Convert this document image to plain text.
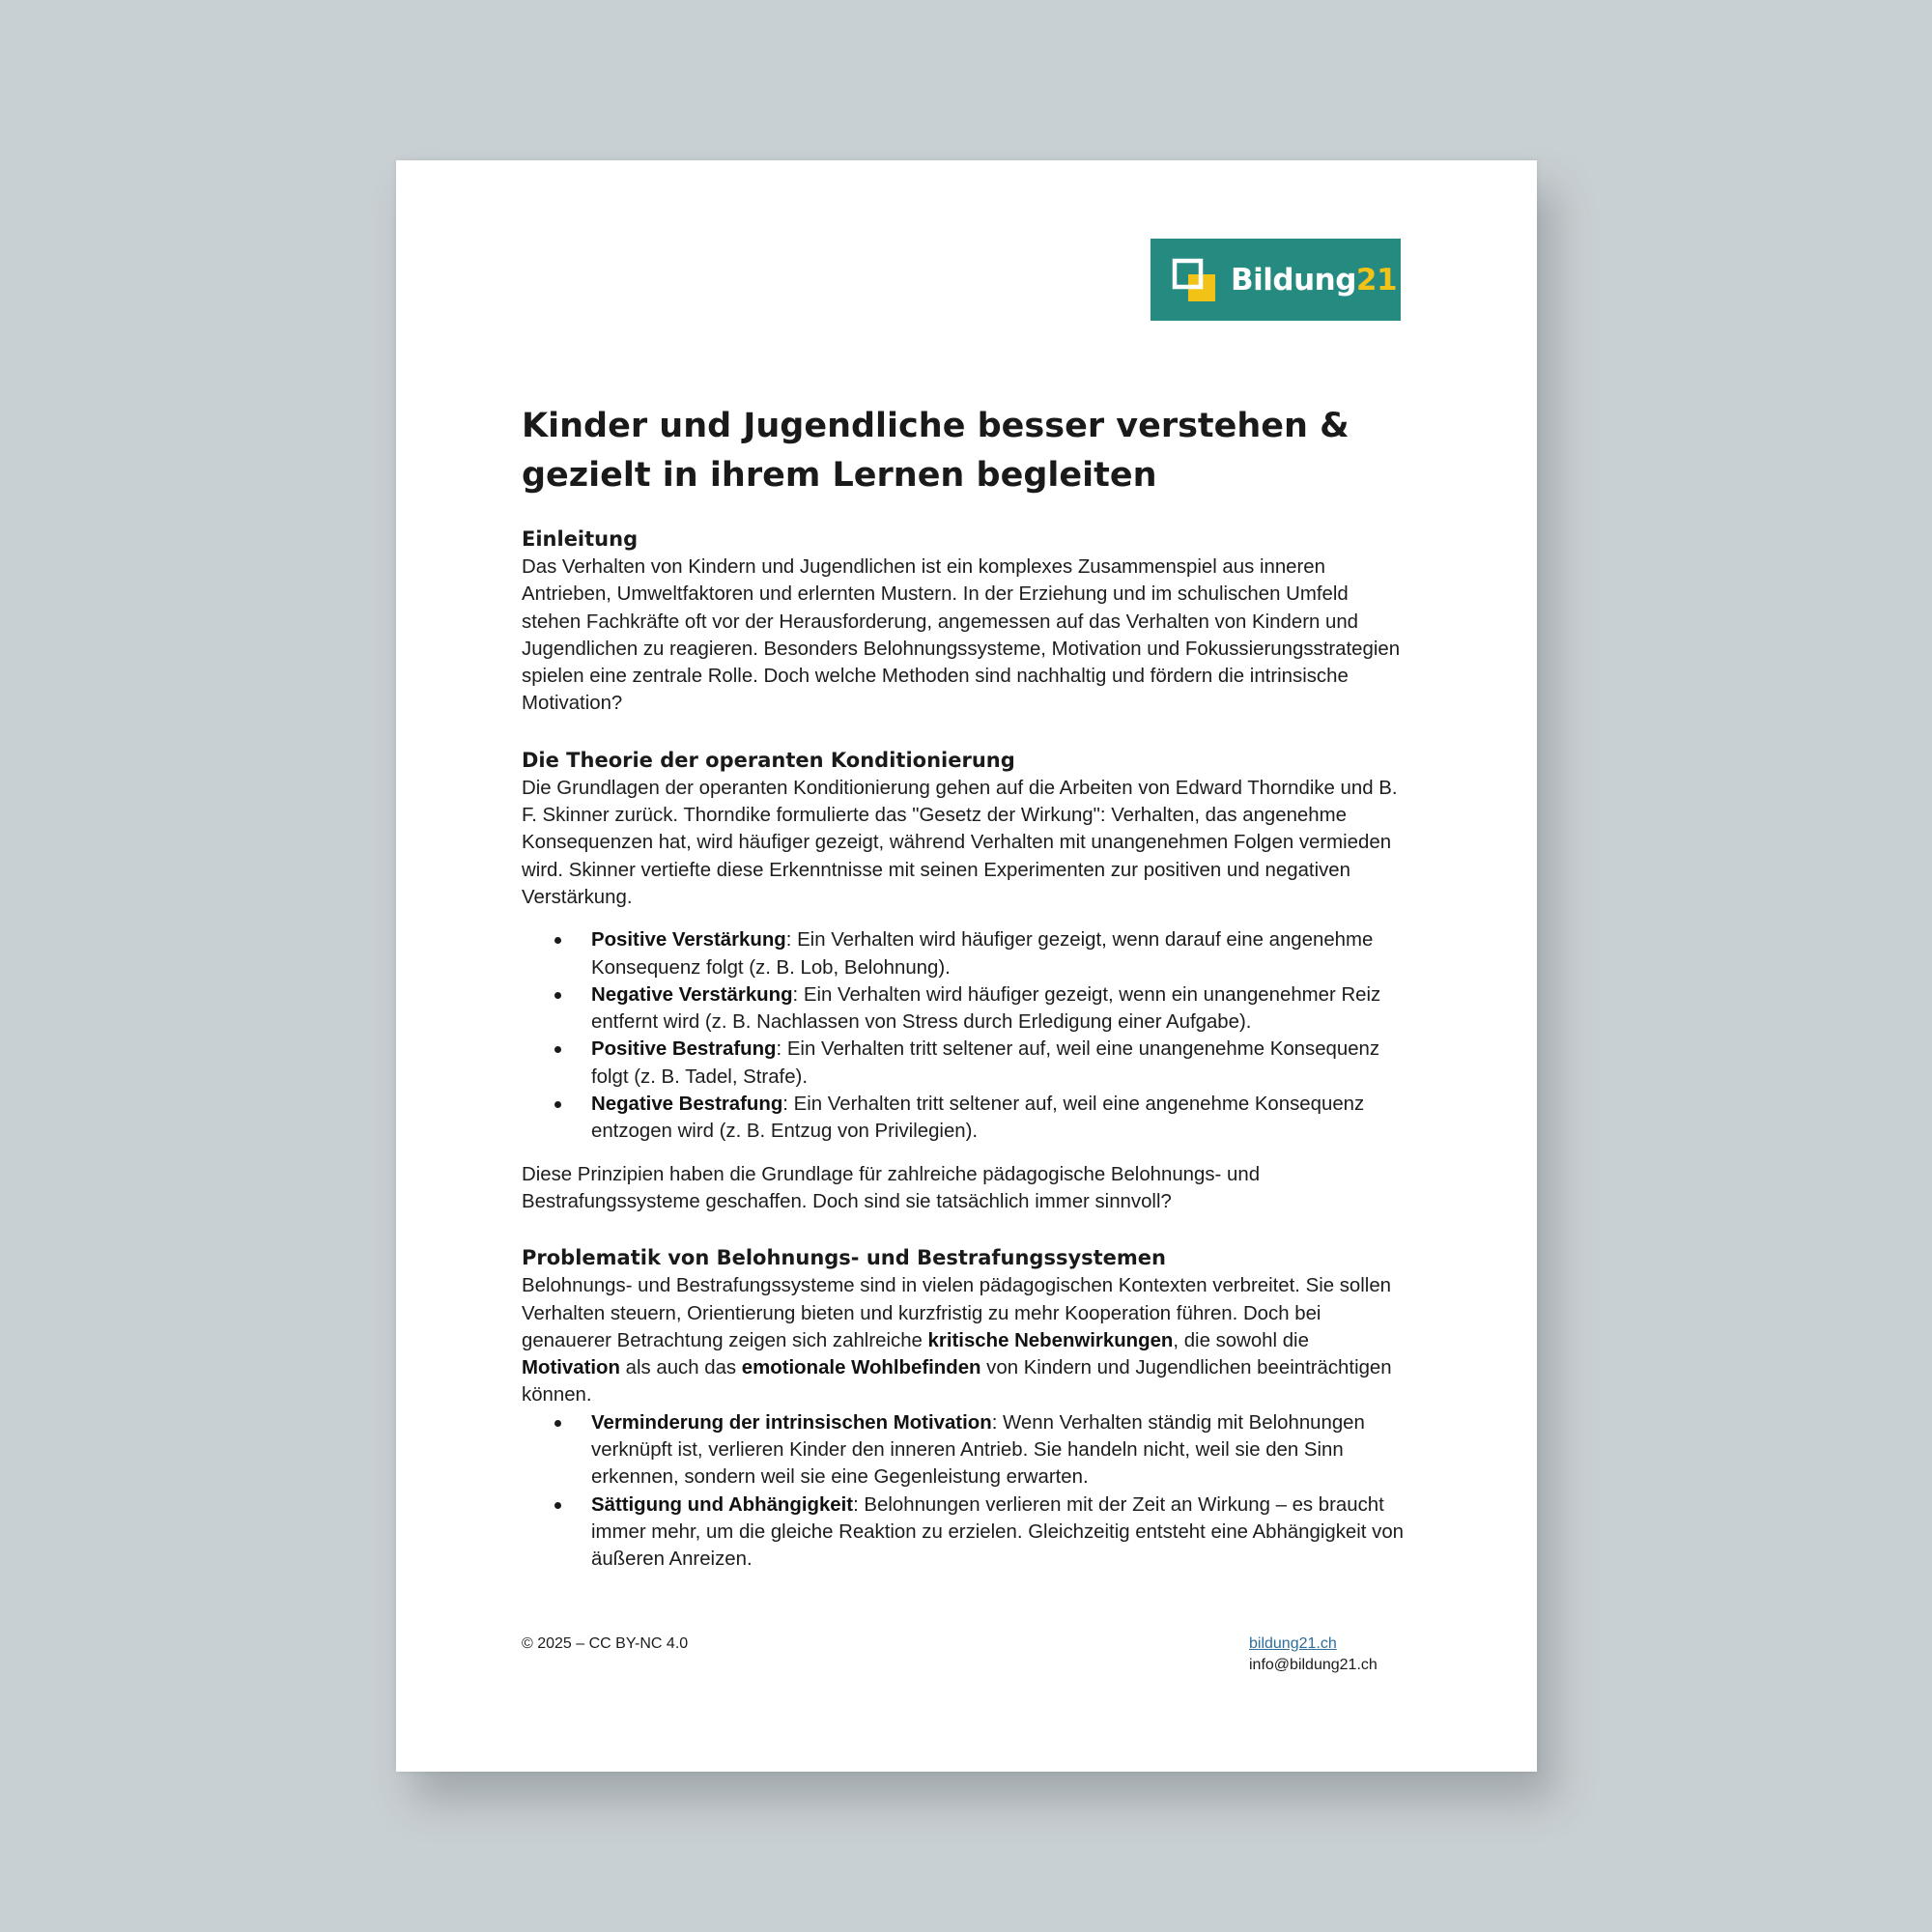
Bildung21
Kinder und Jugendliche besser verstehen & gezielt in ihrem Lernen begleiten
Einleitung

Das Verhalten von Kindern und Jugendlichen ist ein komplexes Zusammenspiel aus inneren Antrieben, Umweltfaktoren und erlernten Mustern. In der Erziehung und im schulischen Umfeld stehen Fachkräfte oft vor der Herausforderung, angemessen auf das Verhalten von Kindern und Jugendlichen zu reagieren. Besonders Belohnungssysteme, Motivation und Fokussierungsstrategien spielen eine zentrale Rolle. Doch welche Methoden sind nachhaltig und fördern die intrinsische Motivation?

Die Theorie der operanten Konditionierung

Die Grundlagen der operanten Konditionierung gehen auf die Arbeiten von Edward Thorndike und B. F. Skinner zurück. Thorndike formulierte das "Gesetz der Wirkung": Verhalten, das angenehme Konsequenzen hat, wird häufiger gezeigt, während Verhalten mit unangenehmen Folgen vermieden wird. Skinner vertiefte diese Erkenntnisse mit seinen Experimenten zur positiven und negativen Verstärkung.

Positive Verstärkung: Ein Verhalten wird häufiger gezeigt, wenn darauf eine angenehme Konsequenz folgt (z. B. Lob, Belohnung).
Negative Verstärkung: Ein Verhalten wird häufiger gezeigt, wenn ein unangenehmer Reiz entfernt wird (z. B. Nachlassen von Stress durch Erledigung einer Aufgabe).
Positive Bestrafung: Ein Verhalten tritt seltener auf, weil eine unangenehme Konsequenz folgt (z. B. Tadel, Strafe).
Negative Bestrafung: Ein Verhalten tritt seltener auf, weil eine angenehme Konsequenz entzogen wird (z. B. Entzug von Privilegien).

Diese Prinzipien haben die Grundlage für zahlreiche pädagogische Belohnungs- und Bestrafungssysteme geschaffen. Doch sind sie tatsächlich immer sinnvoll?

Problematik von Belohnungs- und Bestrafungssystemen

Belohnungs- und Bestrafungssysteme sind in vielen pädagogischen Kontexten verbreitet. Sie sollen Verhalten steuern, Orientierung bieten und kurzfristig zu mehr Kooperation führen. Doch bei genauerer Betrachtung zeigen sich zahlreiche kritische Nebenwirkungen, die sowohl die Motivation als auch das emotionale Wohlbefinden von Kindern und Jugendlichen beeinträchtigen können.

Verminderung der intrinsischen Motivation: Wenn Verhalten ständig mit Belohnungen verknüpft ist, verlieren Kinder den inneren Antrieb. Sie handeln nicht, weil sie den Sinn erkennen, sondern weil sie eine Gegenleistung erwarten.
Sättigung und Abhängigkeit: Belohnungen verlieren mit der Zeit an Wirkung – es braucht immer mehr, um die gleiche Reaktion zu erzielen. Gleichzeitig entsteht eine Abhängigkeit von äußeren Anreizen.
© 2025 – CC BY-NC 4.0	bildung21.ch
info@bildung21.ch
